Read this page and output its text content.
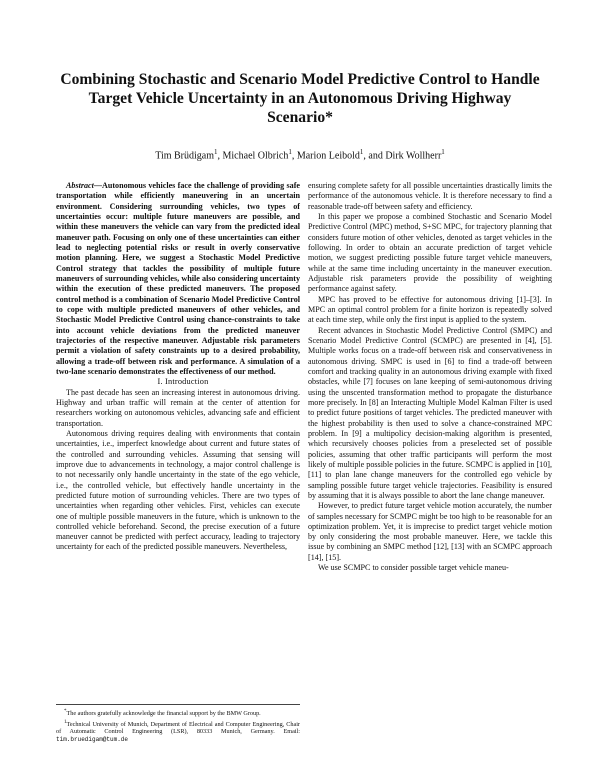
Combining Stochastic and Scenario Model Predictive Control to Handle Target Vehicle Uncertainty in an Autonomous Driving Highway Scenario*
Tim Brüdigam$^1$, Michael Olbrich$^1$, Marion Leibold$^1$, and Dirk Wollherr$^1$

Abstract—Autonomous vehicles face the challenge of providing safe transportation while efficiently maneuvering in an uncertain environment. Considering surrounding vehicles, two types of uncertainties occur: multiple future maneuvers are possible, and within these maneuvers the vehicle can vary from the predicted ideal maneuver path. Focusing on only one of these uncertainties can either lead to neglecting potential risks or result in overly conservative motion planning. Here, we suggest a Stochastic Model Predictive Control strategy that tackles the possibility of multiple future maneuvers of surrounding vehicles, while also considering uncertainty within the execution of these predicted maneuvers. The proposed control method is a combination of Scenario Model Predictive Control to cope with multiple predicted maneuvers of other vehicles, and Stochastic Model Predictive Control using chance-constraints to take into account vehicle deviations from the predicted maneuver trajectories of the respective maneuver. Adjustable risk parameters permit a violation of safety constraints up to a desired probability, allowing a trade-off between risk and performance. A simulation of a two-lane scenario demonstrates the effectiveness of our method.

I. Introduction

The past decade has seen an increasing interest in autonomous driving. Highway and urban traffic will remain at the center of attention for researchers working on autonomous vehicles, advancing safe and efficient transportation.

Autonomous driving requires dealing with environments that contain uncertainties, i.e., imperfect knowledge about current and future states of the controlled and surrounding vehicles. Assuming that sensing will improve due to advancements in technology, a major control challenge is to not necessarily only handle uncertainty in the state of the ego vehicle, i.e., the controlled vehicle, but effectively handle uncertainty in the predicted future motion of surrounding vehicles. There are two types of uncertainties when regarding other vehicles. First, vehicles can execute one of multiple possible maneuvers in the future, which is unknown to the controlled vehicle beforehand. Second, the precise execution of a future maneuver cannot be predicted with perfect accuracy, leading to trajectory uncertainty for each of the predicted possible maneuvers. Nevertheless,

*The authors gratefully acknowledge the financial support by the BMW Group.

$^1$Technical University of Munich, Department of Electrical and Computer Engineering, Chair of Automatic Control Engineering (LSR), 80333 Munich, Germany. Email: tim.bruedigam@tum.de

ensuring complete safety for all possible uncertainties drastically limits the performance of the autonomous vehicle. It is therefore necessary to find a reasonable trade-off between safety and efficiency.

In this paper we propose a combined Stochastic and Scenario Model Predictive Control (MPC) method, S+SC MPC, for trajectory planning that considers future motion of other vehicles, denoted as target vehicles in the following. In order to obtain an accurate prediction of target vehicle motion, we suggest predicting possible future target vehicle maneuvers, while at the same time including uncertainty in the maneuver execution. Adjustable risk parameters provide the possibility of weighting performance against safety.

MPC has proved to be effective for autonomous driving [1]–[3]. In MPC an optimal control problem for a finite horizon is repeatedly solved at each time step, while only the first input is applied to the system.

Recent advances in Stochastic Model Predictive Control (SMPC) and Scenario Model Predictive Control (SCMPC) are presented in [4], [5]. Multiple works focus on a trade-off between risk and conservativeness in autonomous driving. SMPC is used in [6] to find a trade-off between comfort and tracking quality in an autonomous driving example with fixed obstacles, while [7] focuses on lane keeping of semi-autonomous driving using the unscented transformation method to propagate the disturbance more precisely. In [8] an Interacting Multiple Model Kalman Filter is used to predict future positions of target vehicles. The predicted maneuver with the highest probability is then used to solve a chance-constrained MPC problem. In [9] a multipolicy decision-making algorithm is presented, which recursively chooses policies from a preselected set of possible policies, assuming that other traffic participants will perform the most likely of multiple possible policies in the future. SCMPC is applied in [10], [11] to plan lane change maneuvers for the controlled ego vehicle by sampling possible future target vehicle trajectories. Feasibility is ensured by assuming that it is always possible to abort the lane change maneuver.

However, to predict future target vehicle motion accurately, the number of samples necessary for SCMPC might be too high to be reasonable for an optimization problem. Yet, it is imprecise to predict target vehicle motion by only considering the most probable maneuver. Here, we tackle this issue by combining an SMPC method [12], [13] with an SCMPC approach [14], [15].

We use SCMPC to consider possible target vehicle maneu-
